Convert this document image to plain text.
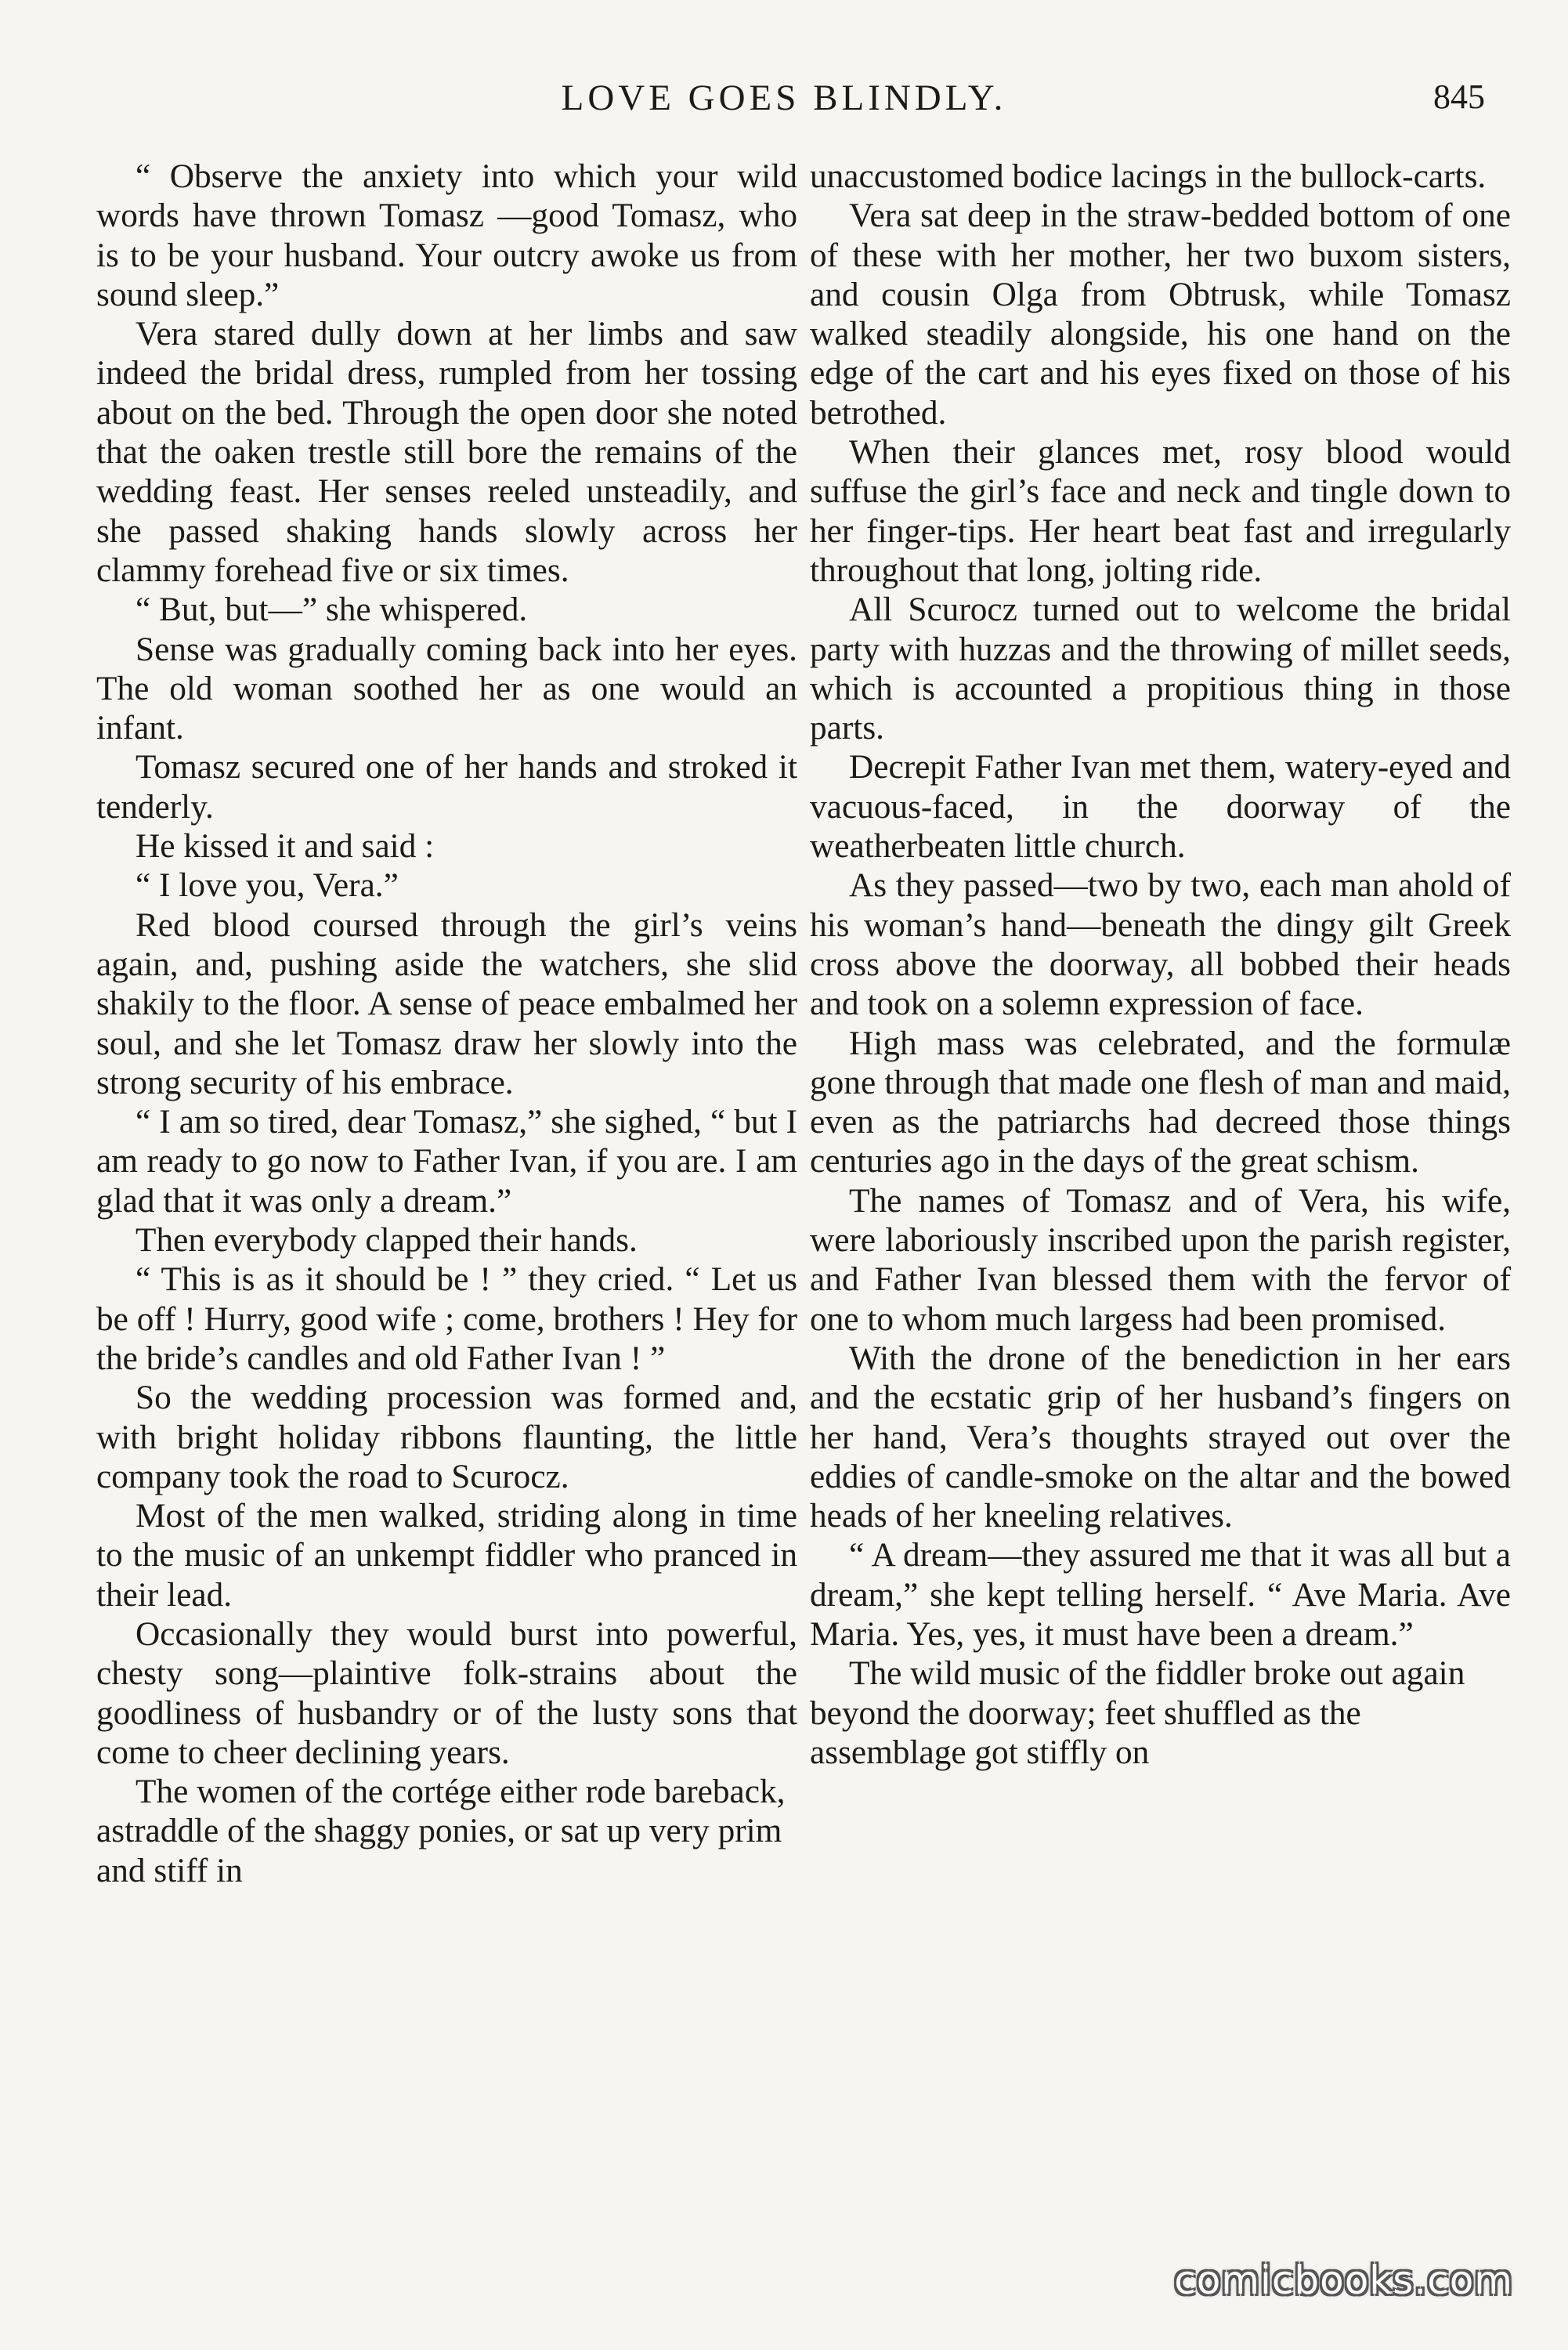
LOVE GOES BLINDLY.	845

“ Observe the anxiety into which your wild words have thrown Tomasz —good Tomasz, who is to be your husband. Your outcry awoke us from sound sleep.”

Vera stared dully down at her limbs and saw indeed the bridal dress, rumpled from her tossing about on the bed. Through the open door she noted that the oaken trestle still bore the remains of the wedding feast. Her senses reeled unsteadily, and she passed shaking hands slowly across her clammy forehead five or six times.

“ But, but—” she whispered.

Sense was gradually coming back into her eyes. The old woman soothed her as one would an infant.

Tomasz secured one of her hands and stroked it tenderly.

He kissed it and said :

“ I love you, Vera.”

Red blood coursed through the girl’s veins again, and, pushing aside the watchers, she slid shakily to the floor. A sense of peace embalmed her soul, and she let Tomasz draw her slowly into the strong security of his embrace.

“ I am so tired, dear Tomasz,” she sighed, “ but I am ready to go now to Father Ivan, if you are. I am glad that it was only a dream.”

Then everybody clapped their hands.

“ This is as it should be ! ” they cried. “ Let us be off ! Hurry, good wife ; come, brothers ! Hey for the bride’s candles and old Father Ivan ! ”

So the wedding procession was formed and, with bright holiday ribbons flaunting, the little company took the road to Scurocz.

Most of the men walked, striding along in time to the music of an unkempt fiddler who pranced in their lead.

Occasionally they would burst into powerful, chesty song—plaintive folk-strains about the goodliness of husbandry or of the lusty sons that come to cheer declining years.

The women of the cortége either rode bareback, astraddle of the shaggy ponies, or sat up very prim and stiff in

unaccustomed bodice lacings in the bullock-carts.

Vera sat deep in the straw-bedded bottom of one of these with her mother, her two buxom sisters, and cousin Olga from Obtrusk, while Tomasz walked steadily alongside, his one hand on the edge of the cart and his eyes fixed on those of his betrothed.

When their glances met, rosy blood would suffuse the girl’s face and neck and tingle down to her finger-tips. Her heart beat fast and irregularly throughout that long, jolting ride.

All Scurocz turned out to welcome the bridal party with huzzas and the throwing of millet seeds, which is accounted a propitious thing in those parts.

Decrepit Father Ivan met them, watery-eyed and vacuous-faced, in the doorway of the weatherbeaten little church.

As they passed—two by two, each man ahold of his woman’s hand—beneath the dingy gilt Greek cross above the doorway, all bobbed their heads and took on a solemn expression of face.

High mass was celebrated, and the formulæ gone through that made one flesh of man and maid, even as the patriarchs had decreed those things centuries ago in the days of the great schism.

The names of Tomasz and of Vera, his wife, were laboriously inscribed upon the parish register, and Father Ivan blessed them with the fervor of one to whom much largess had been promised.

With the drone of the benediction in her ears and the ecstatic grip of her husband’s fingers on her hand, Vera’s thoughts strayed out over the eddies of candle-smoke on the altar and the bowed heads of her kneeling relatives.

“ A dream—they assured me that it was all but a dream,” she kept telling herself. “ Ave Maria. Ave Maria. Yes, yes, it must have been a dream.”

The wild music of the fiddler broke out again beyond the doorway; feet shuffled as the assemblage got stiffly on

comicbooks.com
